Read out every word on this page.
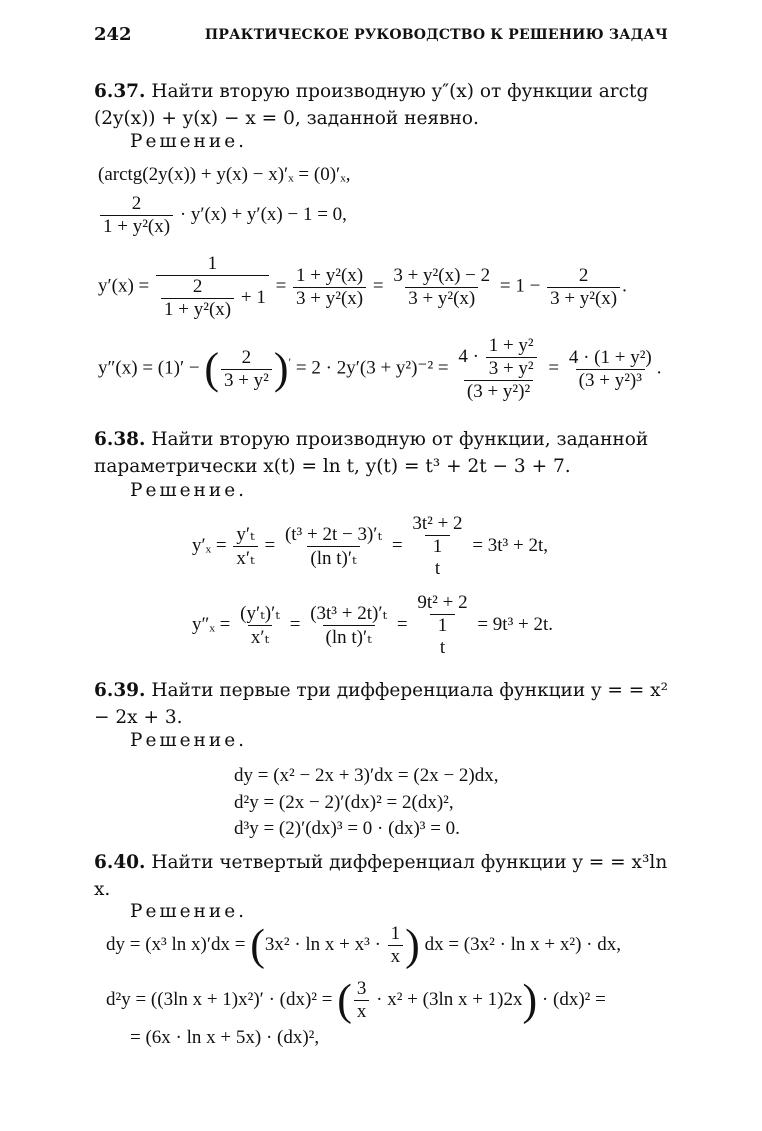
242	ПРАКТИЧЕСКОЕ РУКОВОДСТВО К РЕШЕНИЮ ЗАДАЧ
6.37. Найти вторую производную y″(x) от функции arctg (2y(x)) + y(x) − x = 0, заданной неявно.
Решение.
(arctg(2y(x)) + y(x) − x)′ₓ = (0)′ₓ,
$\frac{2}{\text{1 + y²(x)}} \cdot y'(x) + y'(x) - 1 = 0$,
$y'(x) = \frac{1}{\frac{2}{\text{1 + y²(x)}} + 1} = \frac{\text{1 + y²(x)}}{\text{3 + y²(x)}} = \frac{\text{3 + y²(x) − 2}}{\text{3 + y²(x)}} = 1 - \frac{2}{\text{3 + y²(x)}}$ .
y″(x) = (1)′ − ( $\frac{2}{\text{3 + y²}} )' = 2 \cdot 2y'(3 + y^2)^{-2} = \frac{4 \cdot \frac{\text{1 + y²}}{\text{3 + y²}}}{\text{(3 + y²)²}} = \frac{\text{4 · (1 + y²)}}{\text{(3 + y²)³}}$ .
6.38. Найти вторую производную от функции, заданной параметрически x(t) = ln t, y(t) = t³ + 2t − 3 + 7.
Решение.
$y'_x = \frac{\text{y′ₜ}}{\text{x′ₜ}} = \frac{\text{(t³ + 2t − 3)′ₜ}}{\text{(ln t)′ₜ}} = 3t^2 + 2$
1
t = 3t³ + 2t,
$y''_x = \frac{\text{(y′ₜ)′ₜ}}{\text{x′ₜ}} = \frac{\text{(3t³ + 2t)′ₜ}}{\text{(ln t)′ₜ}} = 9t^2 + 2$
1
t = 9t³ + 2t.
6.39. Найти первые три дифференциала функции y = = x² − 2x + 3.
Решение.
dy = (x² − 2x + 3)′dx = (2x − 2)dx,
d²y = (2x − 2)′(dx)² = 2(dx)²,
d³y = (2)′(dx)³ = 0 · (dx)³ = 0.
6.40. Найти четвертый дифференциал функции y = = x³ln x.
Решение.
dy = (x³ $\ln x)'dx = (3x^2 \cdot \ln x + x^3 \cdot \frac{1}{x}$ ) dx = (3x² · ln x + x²) · dx,
d²y = ((3ln x + 1)x²)′ · (dx)² = ( $\frac{3}{x} \cdot x^2 + (3\ln$ x + 1)2x) · (dx)² =
= (6x · ln x + 5x) · (dx)²,
